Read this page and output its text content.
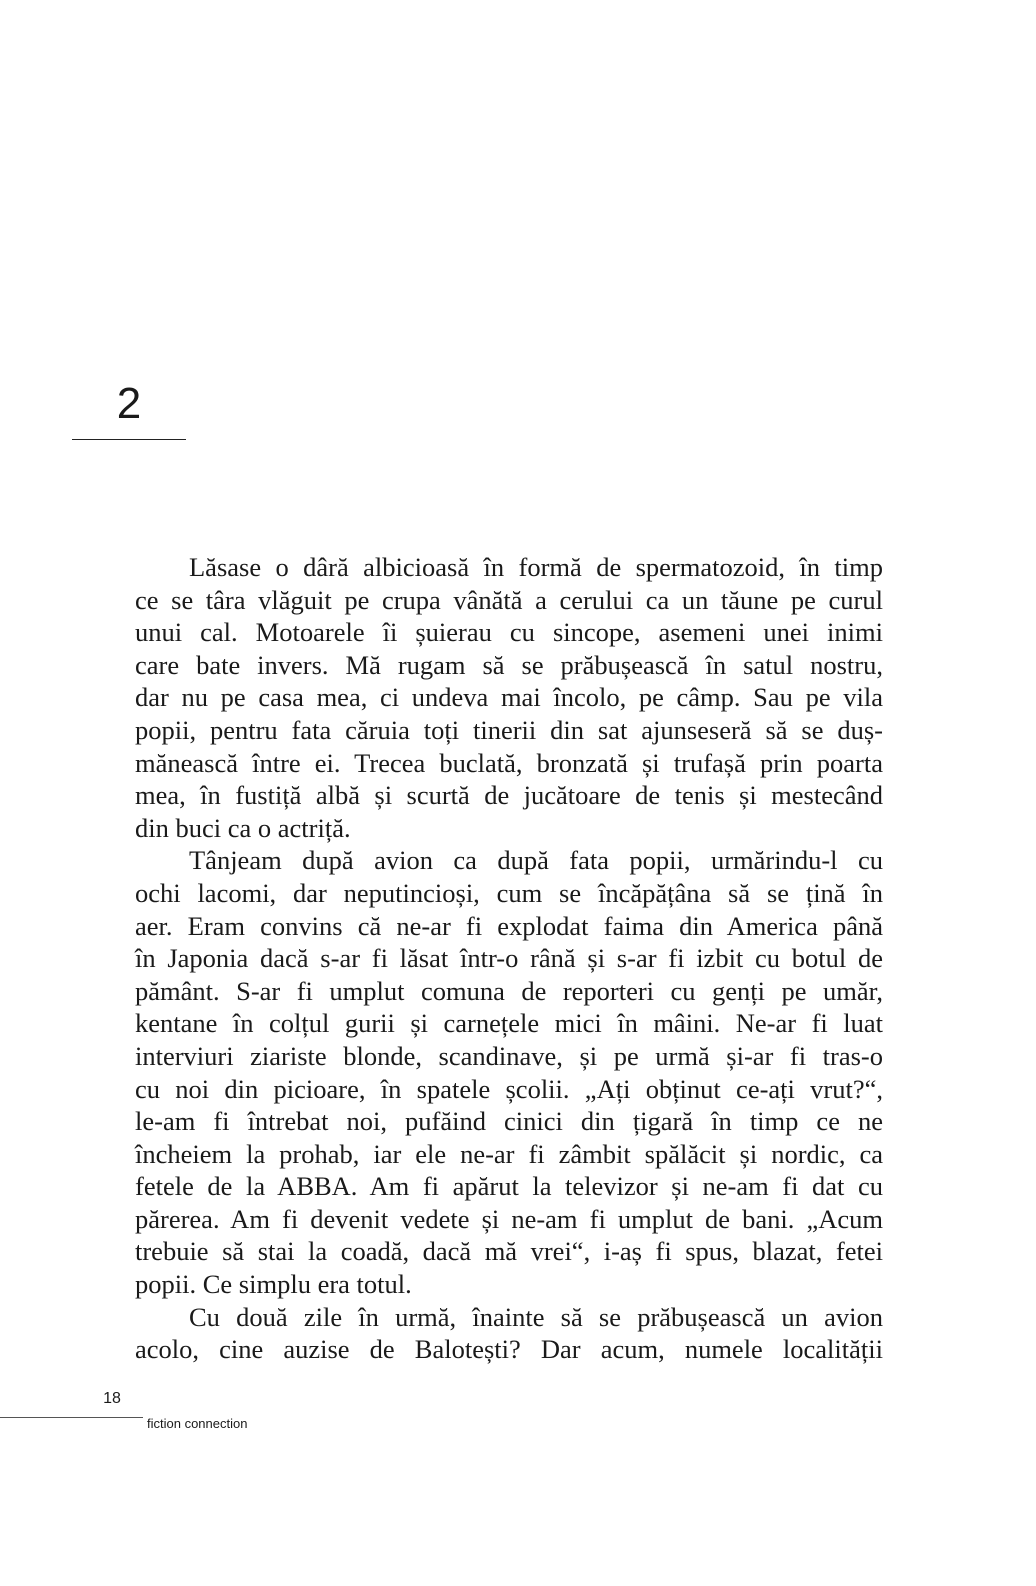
2
Lăsase o dâră albicioasă în formă de spermatozoid, în timp
ce se târa vlăguit pe crupa vânătă a cerului ca un tăune pe curul
unui cal. Motoarele îi șuierau cu sincope, asemeni unei inimi
care bate invers. Mă rugam să se prăbușească în satul nostru,
dar nu pe casa mea, ci undeva mai încolo, pe câmp. Sau pe vila
popii, pentru fata căruia toți tinerii din sat ajunseseră să se duș-
mănească între ei. Trecea buclată, bronzată și trufașă prin poarta
mea, în fustiță albă și scurtă de jucătoare de tenis și mestecând
din buci ca o actriță.
Tânjeam după avion ca după fata popii, urmărindu-l cu
ochi lacomi, dar neputincioși, cum se încăpățâna să se țină în
aer. Eram convins că ne-ar fi explodat faima din America până
în Japonia dacă s-ar fi lăsat într-o rână și s-ar fi izbit cu botul de
pământ. S-ar fi umplut comuna de reporteri cu genți pe umăr,
kentane în colțul gurii și carnețele mici în mâini. Ne-ar fi luat
interviuri ziariste blonde, scandinave, și pe urmă și-ar fi tras-o
cu noi din picioare, în spatele școlii. „Ați obținut ce-ați vrut?“,
le-am fi întrebat noi, pufăind cinici din țigară în timp ce ne
încheiem la prohab, iar ele ne-ar fi zâmbit spălăcit și nordic, ca
fetele de la ABBA. Am fi apărut la televizor și ne-am fi dat cu
părerea. Am fi devenit vedete și ne-am fi umplut de bani. „Acum
trebuie să stai la coadă, dacă mă vrei“, i-aș fi spus, blazat, fetei
popii. Ce simplu era totul.
Cu două zile în urmă, înainte să se prăbușească un avion
acolo, cine auzise de Balotești? Dar acum, numele localității
18
fiction connection
